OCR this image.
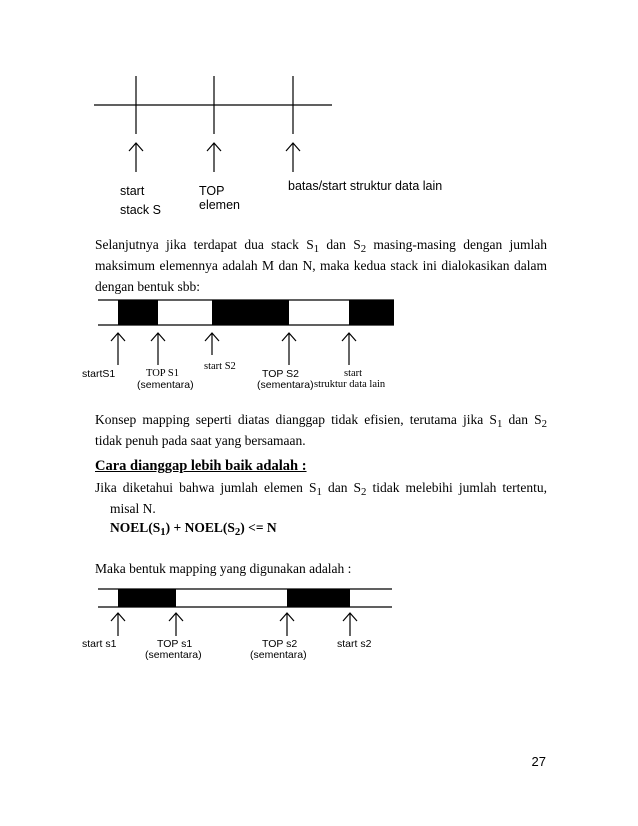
start
stack S
TOP
elemen
batas/start struktur data lain
Selanjutnya jika terdapat dua stack $S_1$ dan $S_2$ masing-masing dengan jumlah
maksimum elemennya adalah M dan N, maka kedua stack ini dialokasikan dalam
dengan bentuk sbb:
startS1	TOP S1
(sementara)
start S2
TOP S2
(sementara)
start
struktur data lain
Konsep mapping seperti diatas dianggap tidak efisien, terutama jika $S_1$ dan $S_2$
tidak penuh pada saat yang bersamaan.
Cara dianggap lebih baik adalah :
Jika diketahui bahwa jumlah elemen $S_1$ dan $S_2$ tidak melebihi jumlah tertentu,
misal N.
$NOEL(S_1)$ + $NOEL(S_2) <= N$
Maka bentuk mapping yang digunakan adalah :
start s1	TOP s1
(sementara)
TOP s2
(sementara)
start s2
27
